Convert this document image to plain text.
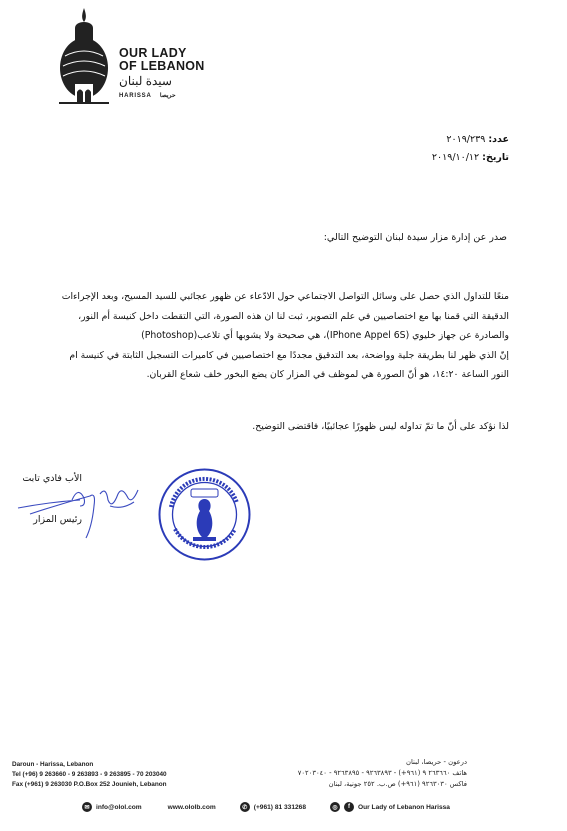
OUR LADY
OF LEBANON
سيدة لبنان
HARISSA حريصا
عدد: ٢٠١٩/٢٣٩
تاريخ: ٢٠١٩/١٠/١٢
صدر عن إدارة مزار سيدة لبنان التوضيح التالي:

منعًا للتداول الذي حصل على وسائل التواصل الاجتماعي حول الادّعاء عن ظهور عجائبي للسيد المسيح، وبعد الإجراءات الدقيقة التي قمنا بها مع اختصاصيين في علم التصوير، ثبت لنا ان هذه الصورة، التي التقطت داخل كنيسة أم النور، والصادرة عن جهاز خليوي (IPhone Appel 6S)، هي صحيحة ولا يشوبها أي تلاعب(Photoshop)

إنّ الذي ظهر لنا بطريقة جلية وواضحة، بعد التدقيق مجددًا مع اختصاصيين في كاميرات التسجيل الثابتة في كنيسة ام النور الساعة ١٤:٢٠، هو أنّ الصورة هي لموظف في المزار كان يضع البخور خلف شعاع القربان.

لذا نؤكد على أنّ ما تمّ تداوله ليس ظهورًا عجائبيًا، فاقتضى التوضيح.
الأب فادي تابت
رئيس المزار
Daroun - Harissa, Lebanon
Tel (+96) 9 263660 - 9 263893 - 9 263895 - 70 203040
Fax (+961) 9 263030 P.O.Box 252 Jounieh, Lebanon
درعون - حريصا، لبنان
هاتف ٢٦٣٦٦٠ ٩ (٩٦١+) - ٩٢٦٣٨٩٣ - ٩٢٦٣٨٩٥ - ٧٠٢٠٣٠٤٠
فاكس ٩٢٦٣٠٣٠ (٩٦١+) ص.ب. ٢٥٢ جونية، لبنان
✉ info@olol.com	www.ololb.com	✆ (+961) 81 331268	◎	f	Our Lady of Lebanon Harissa
